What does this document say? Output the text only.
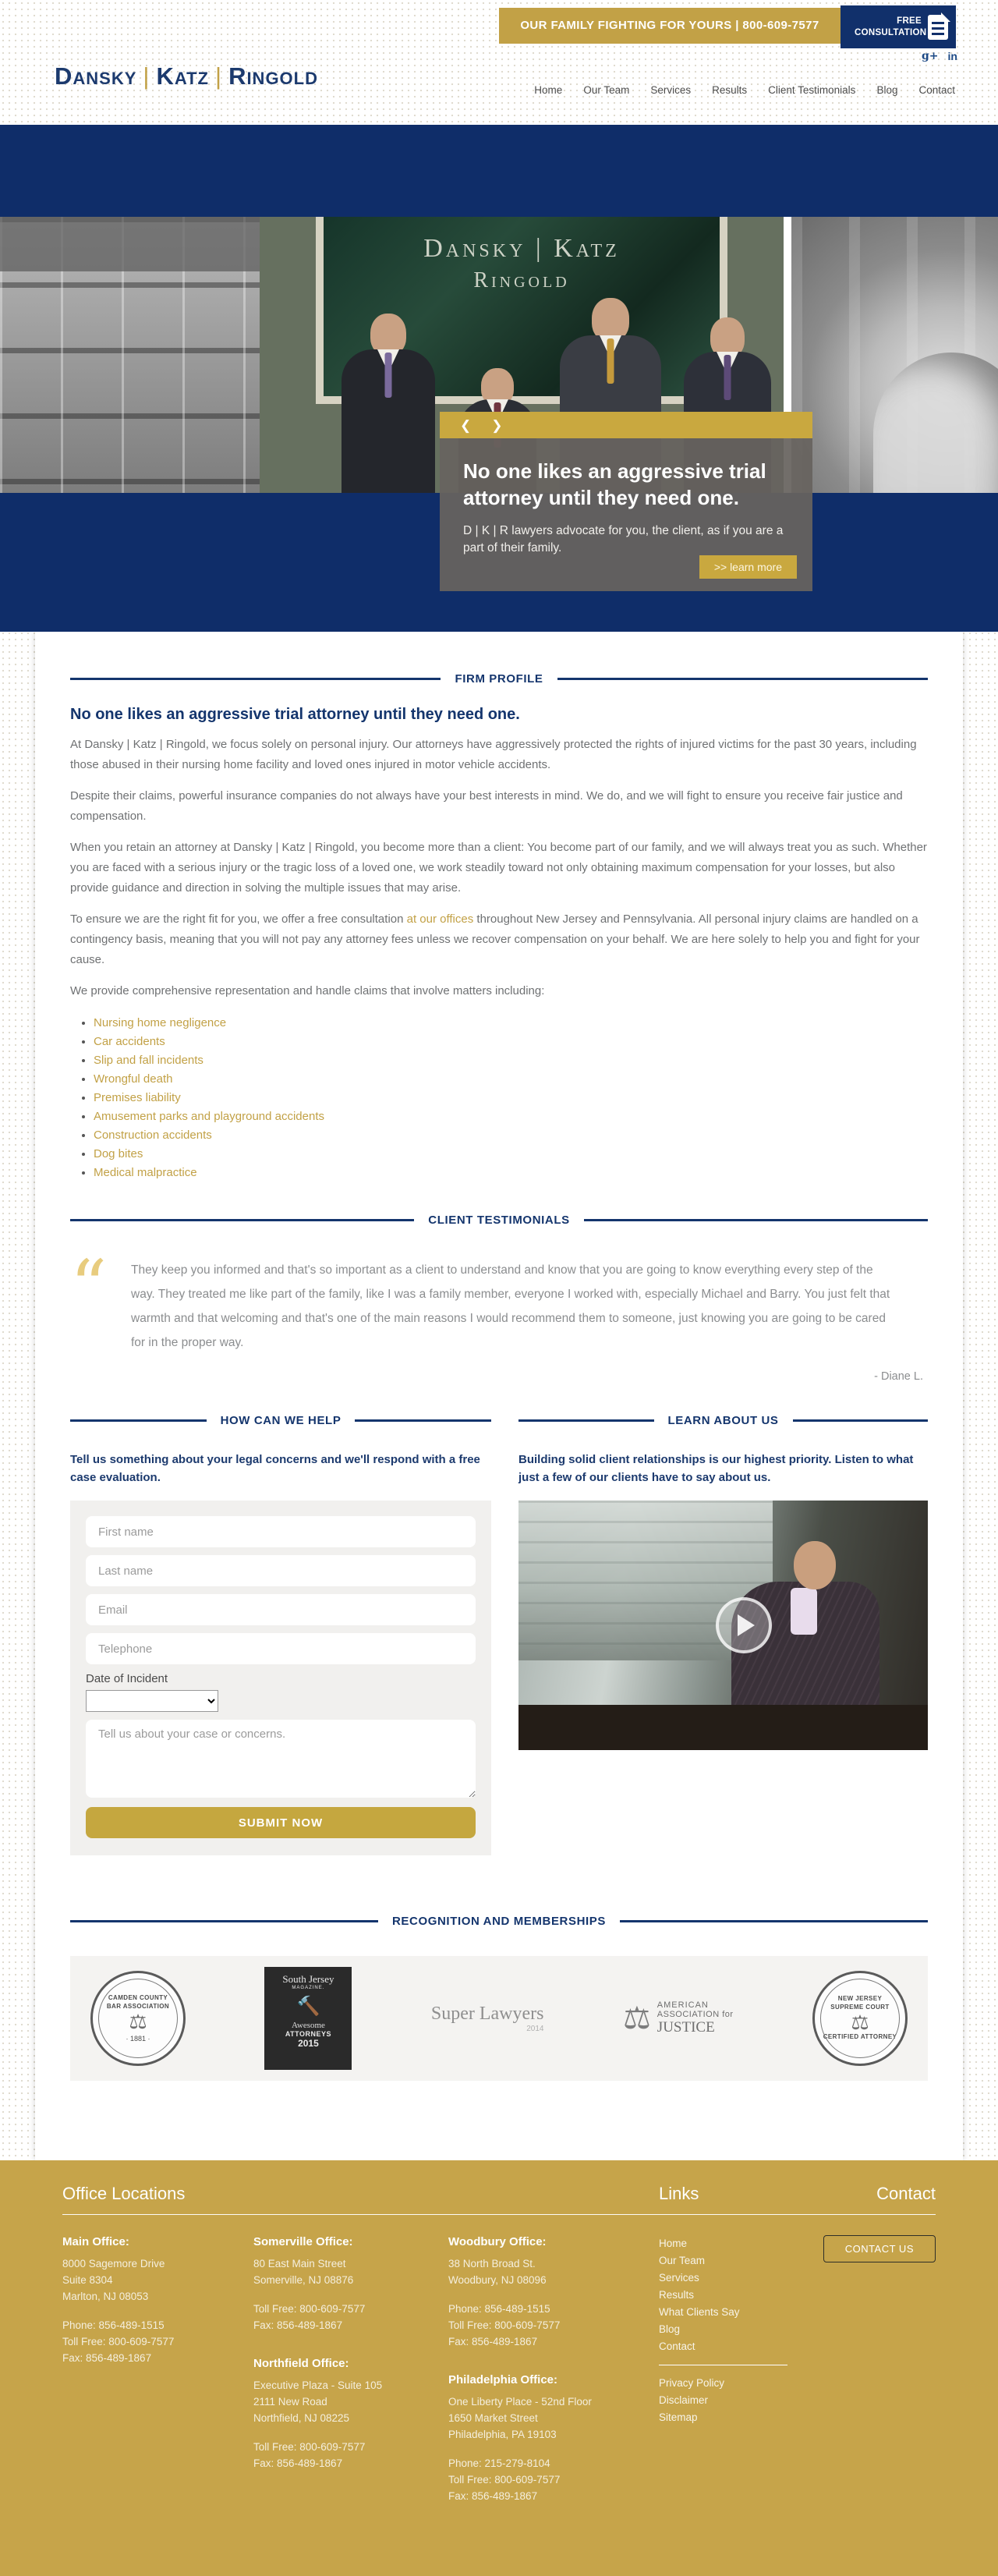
OUR FAMILY FIGHTING FOR YOURS | 800-609-7577	FREE CONSULTATION
g+ in
Dansky | Katz | Ringold
Home Our Team Services Results Client Testimonials Blog Contact
Dansky | Katz
Ringold
❮ ❯
No one likes an aggressive trial attorney until they need one.
D | K | R lawyers advocate for you, the client, as if you are a part of their family.
>> learn more
FIRM PROFILE
No one likes an aggressive trial attorney until they need one.

At Dansky | Katz | Ringold, we focus solely on personal injury. Our attorneys have aggressively protected the rights of injured victims for the past 30 years, including those abused in their nursing home facility and loved ones injured in motor vehicle accidents.

Despite their claims, powerful insurance companies do not always have your best interests in mind. We do, and we will fight to ensure you receive fair justice and compensation.

When you retain an attorney at Dansky | Katz | Ringold, you become more than a client: You become part of our family, and we will always treat you as such. Whether you are faced with a serious injury or the tragic loss of a loved one, we work steadily toward not only obtaining maximum compensation for your losses, but also provide guidance and direction in solving the multiple issues that may arise.

To ensure we are the right fit for you, we offer a free consultation at our offices throughout New Jersey and Pennsylvania. All personal injury claims are handled on a contingency basis, meaning that you will not pay any attorney fees unless we recover compensation on your behalf. We are here solely to help you and fight for your cause.

We provide comprehensive representation and handle claims that involve matters including:

• Nursing home negligence
• Car accidents
• Slip and fall incidents
• Wrongful death
• Premises liability
• Amusement parks and playground accidents
• Construction accidents
• Dog bites
• Medical malpractice
CLIENT TESTIMONIALS
“	They keep you informed and that's so important as a client to understand and know that you are going to know everything every step of the way. They treated me like part of the family, like I was a family member, everyone I worked with, especially Michael and Barry. You just felt that warmth and that welcoming and that's one of the main reasons I would recommend them to someone, just knowing you are going to be cared for in the proper way.
- Diane L.
HOW CAN WE HELP
Tell us something about your legal concerns and we'll respond with a free case evaluation.
First name
Last name
Email
Telephone
Date of Incident
Tell us about your case or concerns. SUBMIT NOW
LEARN ABOUT US
Building solid client relationships is our highest priority. Listen to what just a few of our clients have to say about us.
RECOGNITION AND MEMBERSHIPS
CAMDEN COUNTY BAR ASSOCIATION
⚖
· 1881 ·
South Jersey
MAGAZINE.
🔨
Awesome
ATTORNEYS
2015
Super Lawyers
2014	⚖ AMERICAN
ASSOCIATION for
JUSTICE
NEW JERSEY SUPREME COURT
⚖
CERTIFIED ATTORNEY
Office Locations	Links	Contact
Main Office:
8000 Sagemore Drive
Suite 8304
Marlton, NJ 08053
Phone: 856-489-1515
Toll Free: 800-609-7577
Fax: 856-489-1867
Somerville Office:
80 East Main Street
Somerville, NJ 08876
Toll Free: 800-609-7577
Fax: 856-489-1867
Northfield Office:
Executive Plaza - Suite 105
2111 New Road
Northfield, NJ 08225
Toll Free: 800-609-7577
Fax: 856-489-1867
Woodbury Office:
38 North Broad St.
Woodbury, NJ 08096
Phone: 856-489-1515
Toll Free: 800-609-7577
Fax: 856-489-1867
Philadelphia Office:
One Liberty Place - 52nd Floor
1650 Market Street
Philadelphia, PA 19103
Phone: 215-279-8104
Toll Free: 800-609-7577
Fax: 856-489-1867
Home
Our Team
Services
Results
What Clients Say
Blog
Contact
Privacy Policy
Disclaimer
Sitemap
CONTACT US
